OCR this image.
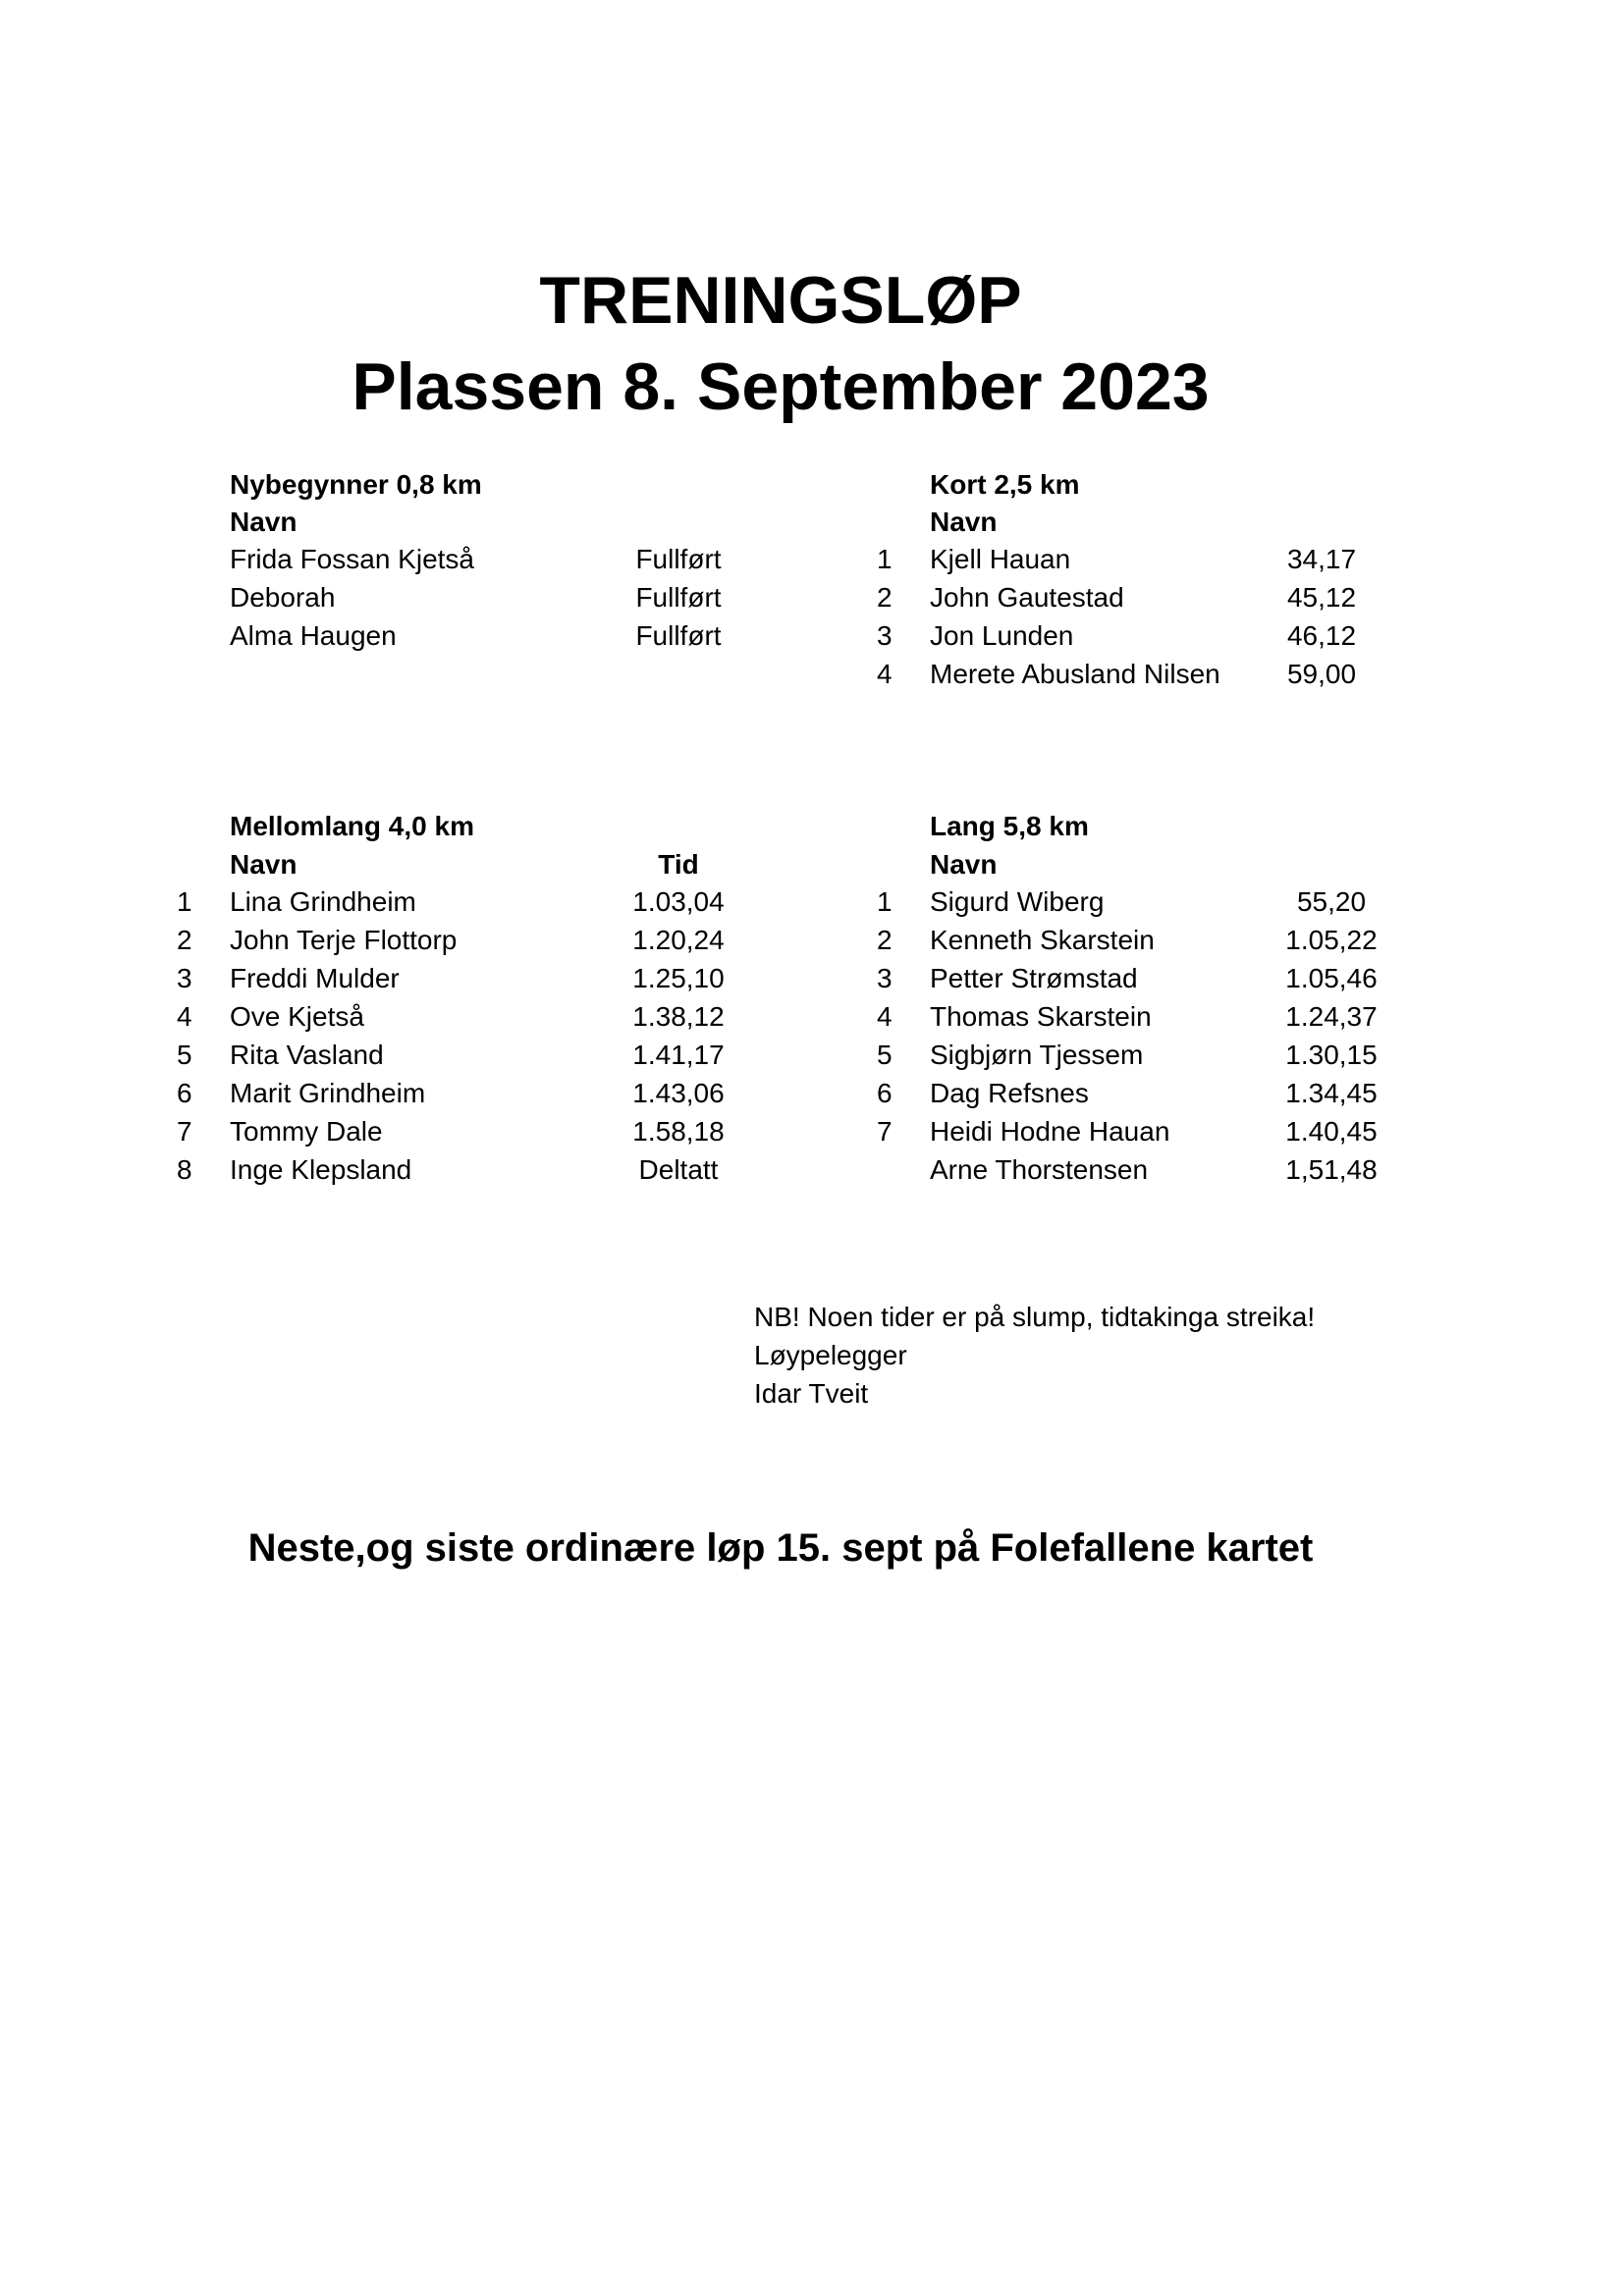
TRENINGSLØP
Plassen 8. September 2023
Nybegynner 0,8 km
Navn
Frida Fossan Kjetså	Fullført
Deborah	Fullført
Alma Haugen	Fullført
Kort 2,5 km
Navn
1 Kjell Hauan	34,17
2 John Gautestad	45,12
3 Jon Lunden	46,12
4 Merete Abusland Nilsen	59,00
Mellomlang 4,0 km
Navn	Tid
1 Lina Grindheim	1.03,04
2 John Terje Flottorp	1.20,24
3 Freddi Mulder	1.25,10
4 Ove Kjetså	1.38,12
5 Rita Vasland	1.41,17
6 Marit Grindheim	1.43,06
7 Tommy Dale	1.58,18
8 Inge Klepsland	Deltatt
Lang 5,8 km
Navn
1 Sigurd Wiberg	55,20
2 Kenneth Skarstein	1.05,22
3 Petter Strømstad	1.05,46
4 Thomas Skarstein	1.24,37
5 Sigbjørn Tjessem	1.30,15
6 Dag Refsnes	1.34,45
7 Heidi Hodne Hauan	1.40,45
Arne Thorstensen	1,51,48
NB! Noen tider er på slump, tidtakinga streika!
Løypelegger
Idar Tveit
Neste,og siste ordinære løp 15. sept på Folefallene kartet
